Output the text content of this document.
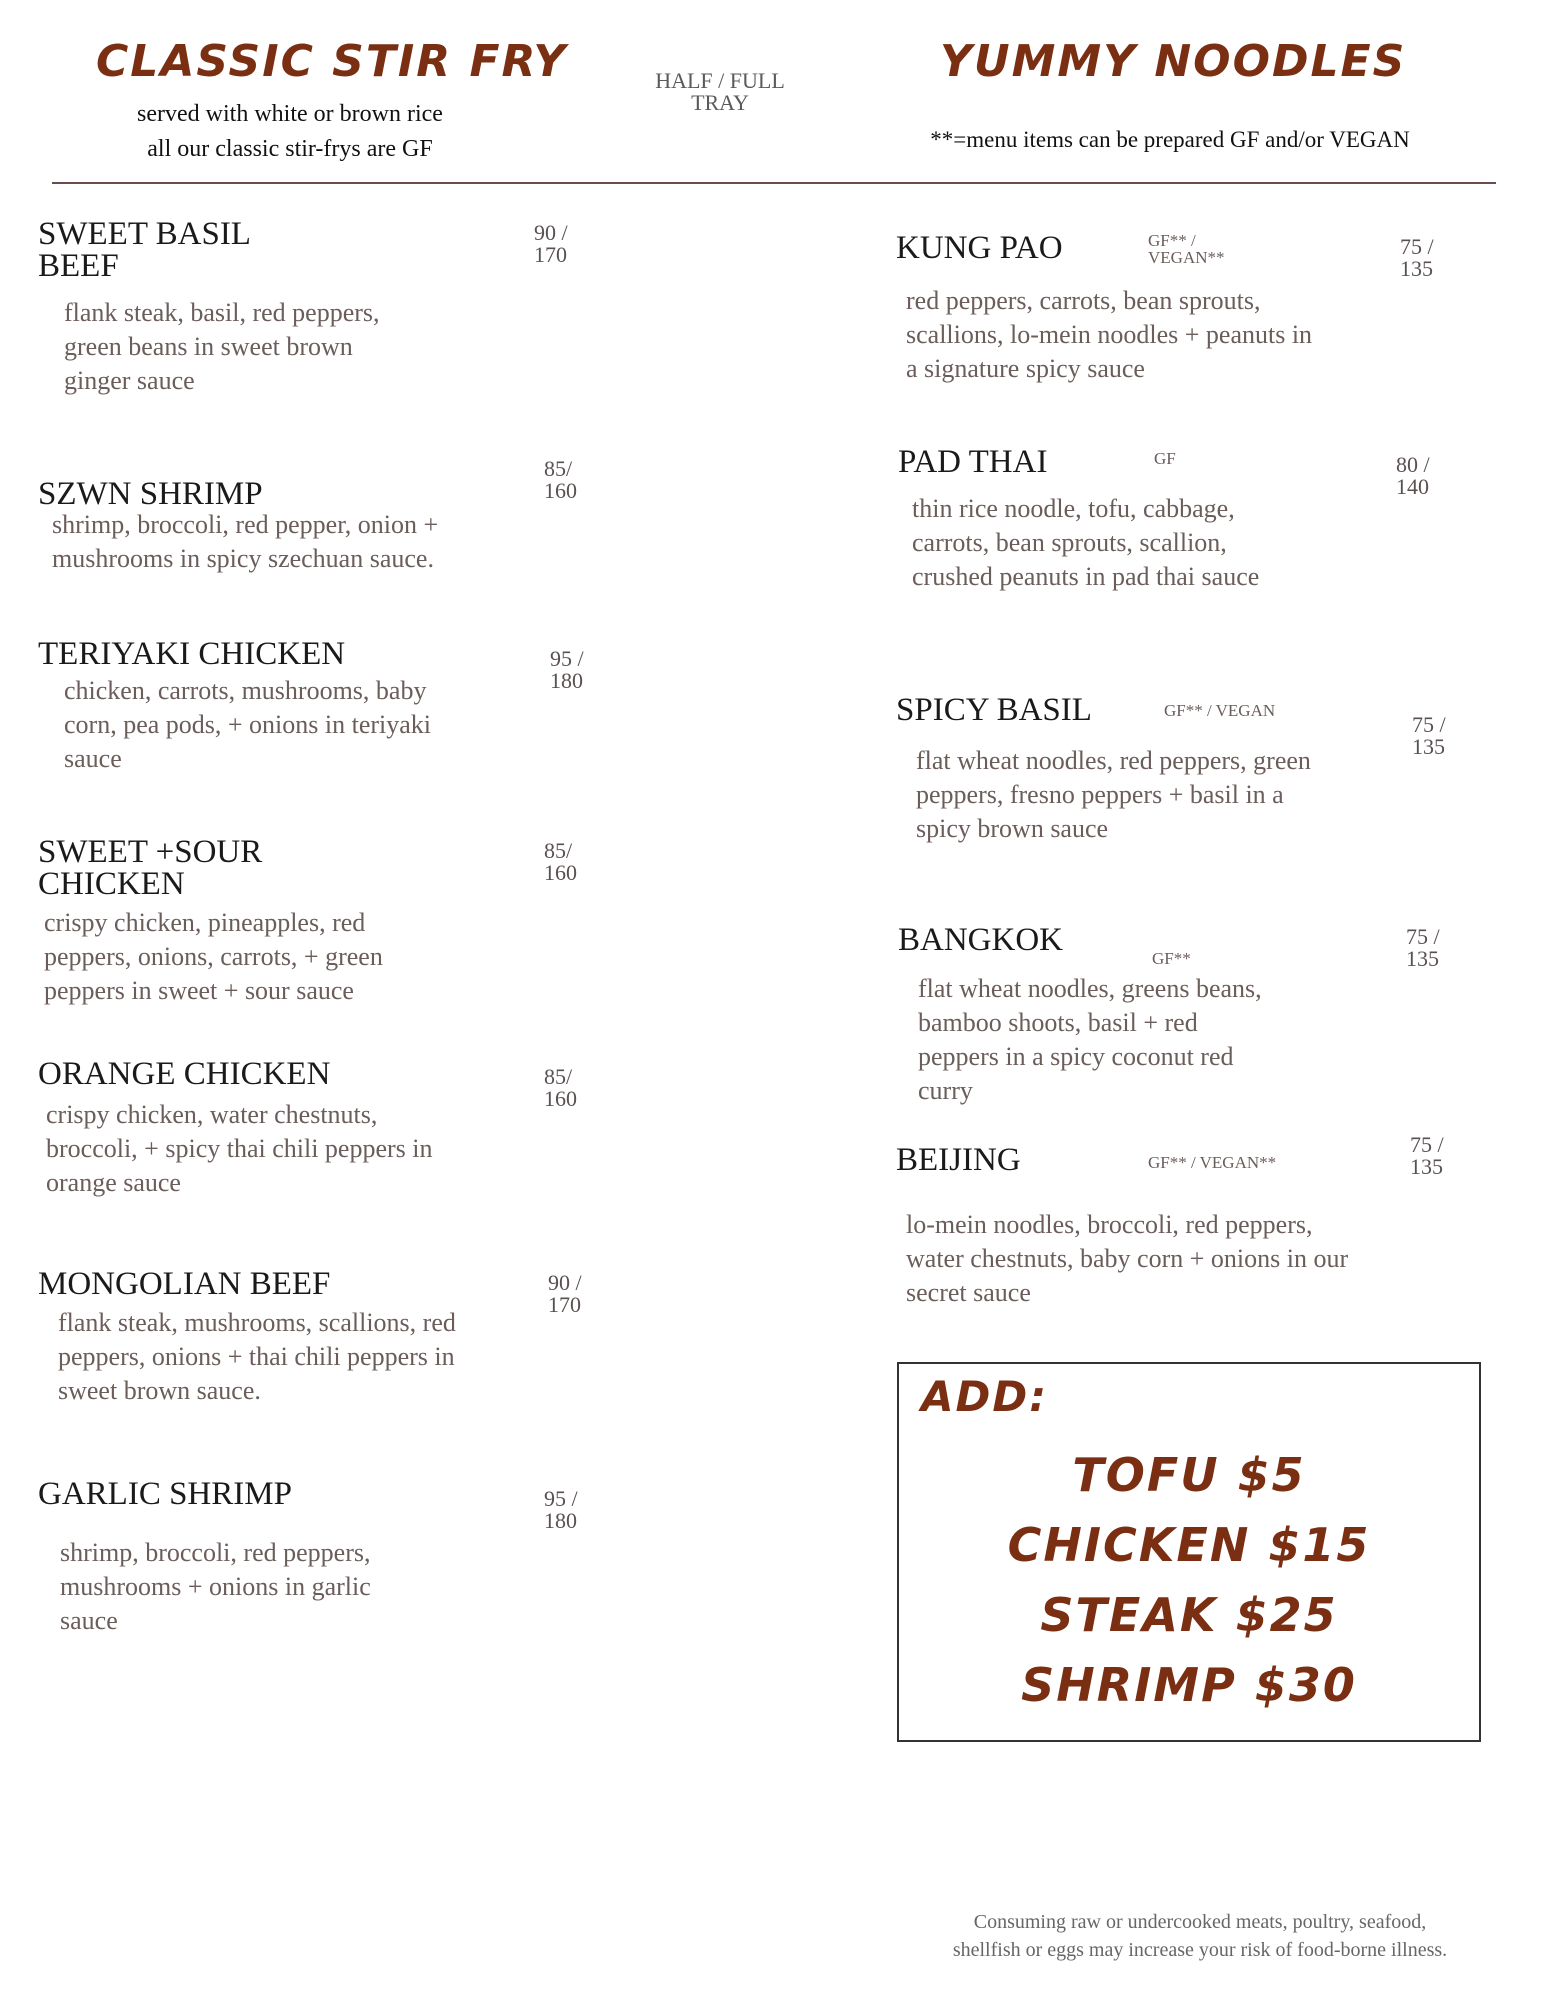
CLASSIC STIR FRY
served with white or brown rice
all our classic stir-frys are GF
HALF / FULL
TRAY
YUMMY NOODLES
**=menu items can be prepared GF and/or VEGAN
SWEET BASIL
BEEF
90 /
170
flank steak, basil, red peppers,
green beans in sweet brown
ginger sauce
SZWN SHRIMP
85/
160
shrimp, broccoli, red pepper, onion +
mushrooms in spicy szechuan sauce.
TERIYAKI CHICKEN	95 /
180
chicken, carrots, mushrooms, baby
corn, pea pods, + onions in teriyaki
sauce
SWEET +SOUR
CHICKEN
85/
160
crispy chicken, pineapples, red
peppers, onions, carrots, + green
peppers in sweet + sour sauce
ORANGE CHICKEN	85/
160
crispy chicken, water chestnuts,
broccoli, + spicy thai chili peppers in
orange sauce
MONGOLIAN BEEF	90 /
170
flank steak, mushrooms, scallions, red
peppers, onions + thai chili peppers in
sweet brown sauce.
GARLIC SHRIMP	95 /
180
shrimp, broccoli, red peppers,
mushrooms + onions in garlic
sauce
KUNG PAO	GF** /
VEGAN**	75 /
135
red peppers, carrots, bean sprouts,
scallions, lo-mein noodles + peanuts in
a signature spicy sauce
PAD THAI	GF	80 /
140
thin rice noodle, tofu, cabbage,
carrots, bean sprouts, scallion,
crushed peanuts in pad thai sauce
SPICY BASIL	GF** / VEGAN
75 /
135
flat wheat noodles, red peppers, green
peppers, fresno peppers + basil in a
spicy brown sauce
BANGKOK
GF**
75 /
135
flat wheat noodles, greens beans,
bamboo shoots, basil + red
peppers in a spicy coconut red
curry
BEIJING	GF** / VEGAN**
75 /
135
lo-mein noodles, broccoli, red peppers,
water chestnuts, baby corn + onions in our
secret sauce
ADD:
TOFU $5
CHICKEN $15
STEAK $25
SHRIMP $30
Consuming raw or undercooked meats, poultry, seafood,
shellfish or eggs may increase your risk of food-borne illness.
